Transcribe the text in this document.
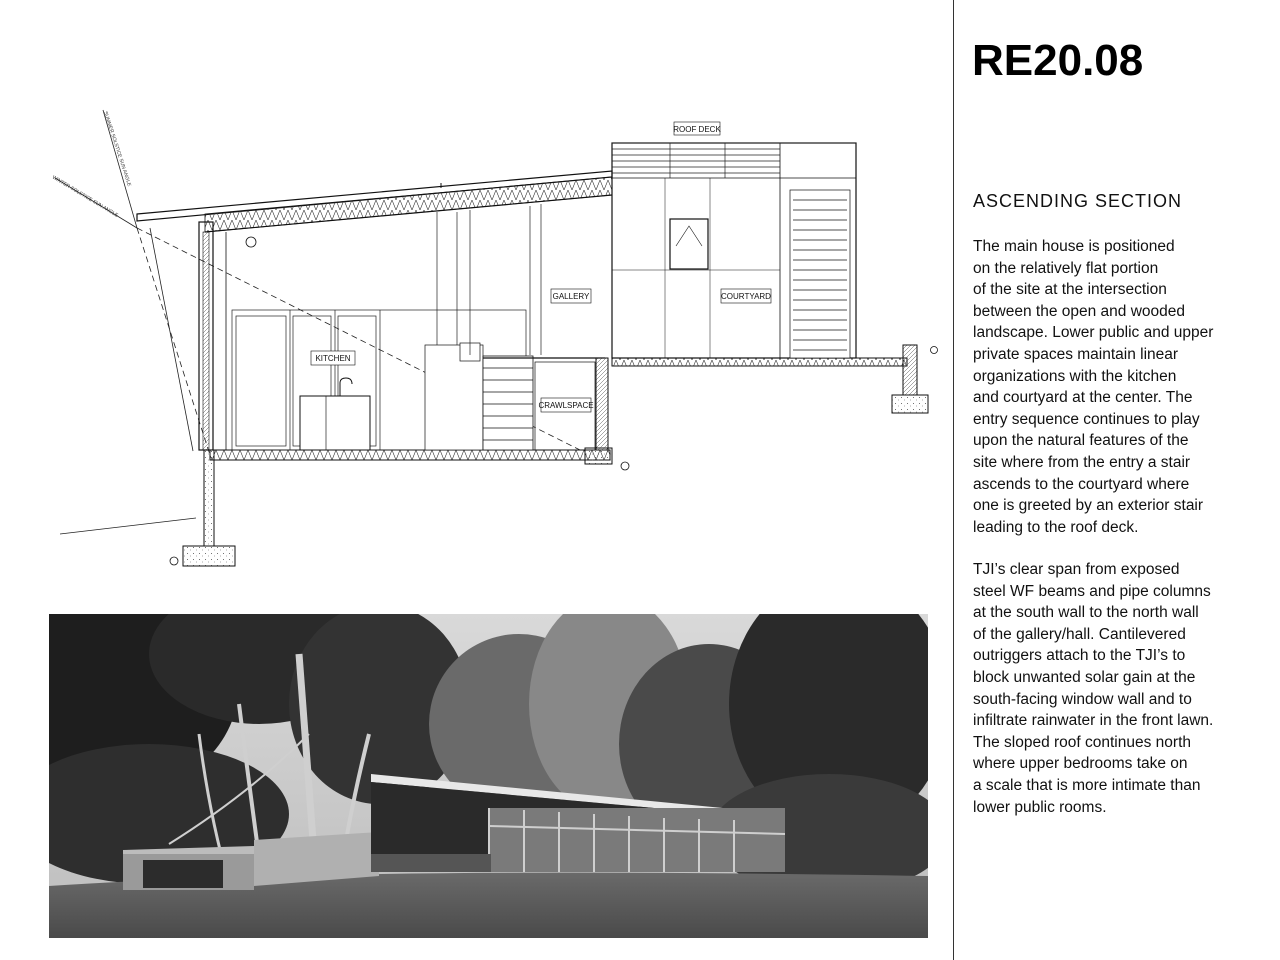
SUMMER SOLSTICE SUN ANGLE
WINTER SOLSTICE SUN ANGLE
ROOF DECK
GALLERY	COURTYARD
KITCHEN
CRAWLSPACE
RE20.08
ASCENDING SECTION

The main house is positioned
on the relatively flat portion
of the site at the intersection
between the open and wooded
landscape. Lower public and upper
private spaces maintain linear
organizations with the kitchen
and courtyard at the center. The
entry sequence continues to play
upon the natural features of the
site where from the entry a stair
ascends to the courtyard where
one is greeted by an exterior stair
leading to the roof deck.

TJI’s clear span from exposed
steel WF beams and pipe columns
at the south wall to the north wall
of the gallery/hall. Cantilevered
outriggers attach to the TJI’s to
block unwanted solar gain at the
south-facing window wall and to
infiltrate rainwater in the front lawn.
The sloped roof continues north
where upper bedrooms take on
a scale that is more intimate than
lower public rooms.
